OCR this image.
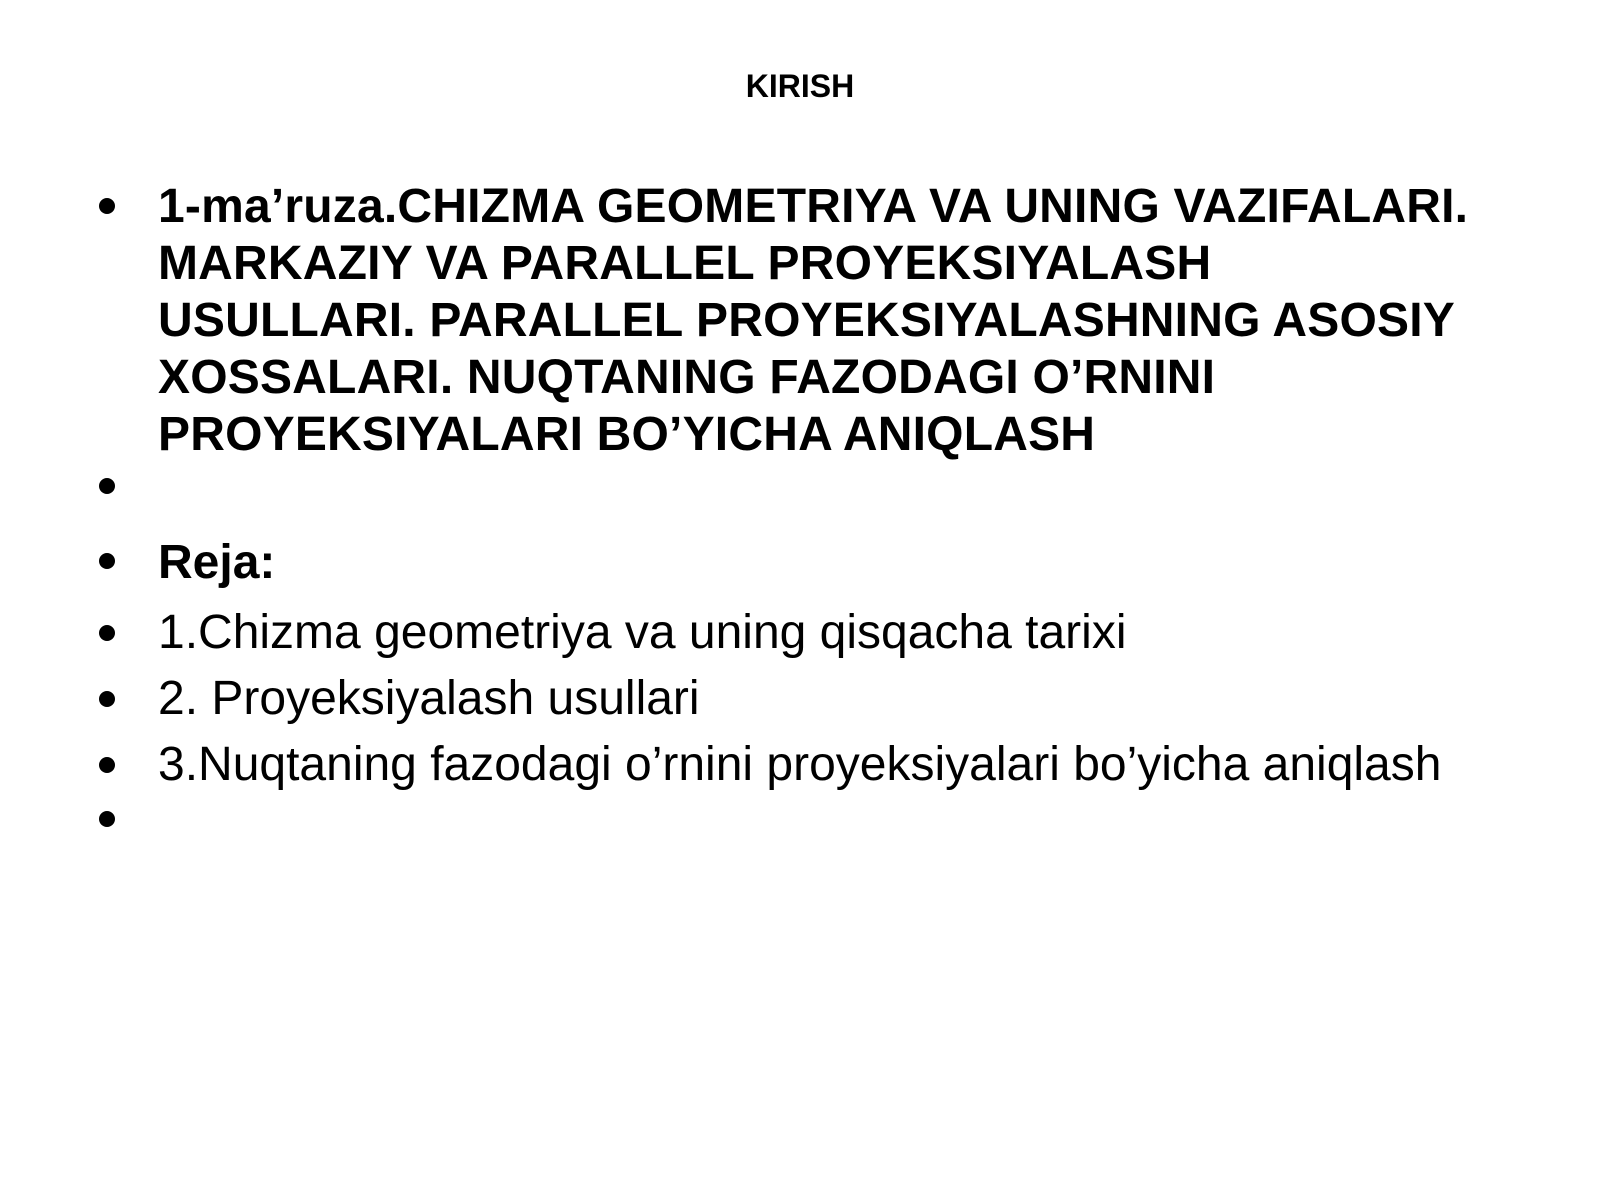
KIRISH
1-ma’ruza.CHIZMA GEOMETRIYA VA UNING VAZIFALARI. MARKAZIY VA PARALLEL PROYEKSIYALASH USULLARI. PARALLEL PROYEKSIYALASHNING ASOSIY XOSSALARI. NUQTANING FAZODAGI O’RNINI  PROYEKSIYALARI BO’YICHA ANIQLASH
Reja:
1.Chizma geometriya va uning qisqacha tarixi
2. Proyeksiyalash usullari
3.Nuqtaning fazodagi o’rnini proyeksiyalari bo’yicha aniqlash
